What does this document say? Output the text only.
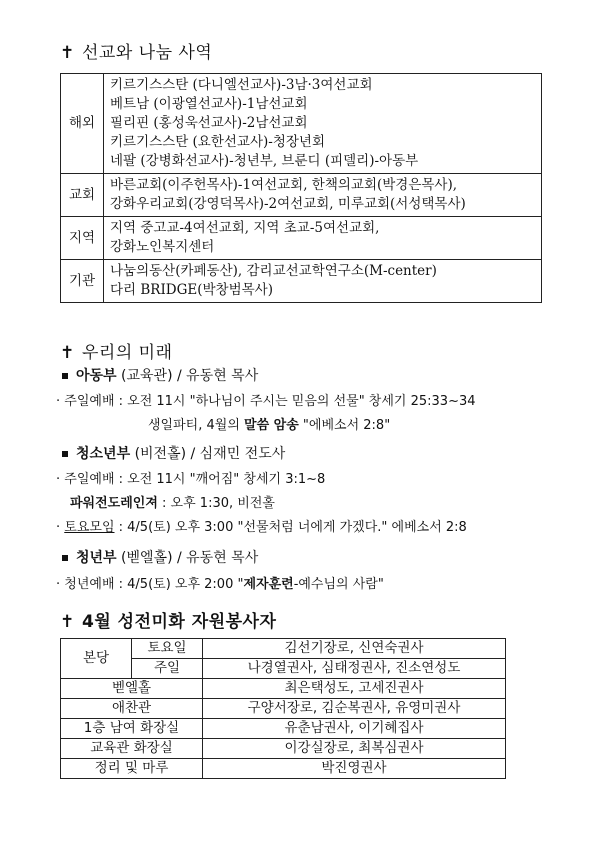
✝ 선교와 나눔 사역
해외	키르기스스탄 (다니엘선교사)-3남·3여선교회
베트남 (이광열선교사)-1남선교회
필리핀 (홍성욱선교사)-2남선교회
키르기스스탄 (요한선교사)-청장년회
네팔 (강병화선교사)-청년부, 브룬디 (피델리)-아동부

교회	바른교회(이주헌목사)-1여선교회, 한책의교회(박경은목사),
강화우리교회(강영덕목사)-2여선교회, 미루교회(서성택목사)

지역	지역 중고교-4여선교회, 지역 초교-5여선교회,
강화노인복지센터

기관	나눔의동산(카페동산), 감리교선교학연구소(M-center)
다리 BRIDGE(박창범목사)
✝ 우리의 미래
아동부 (교육관) / 유동현 목사
· 주일예배 : 오전 11시 "하나님이 주시는 믿음의 선물" 창세기 25:33~34
생일파티, 4월의 말씀 암송 "에베소서 2:8"
청소년부 (비전홀) / 심재민 전도사
· 주일예배 : 오전 11시 "깨어짐" 창세기 3:1~8
파워전도레인져 : 오후 1:30, 비전홀
· 토요모임 : 4/5(토) 오후 3:00 "선물처럼 너에게 가겠다." 에베소서 2:8
청년부 (벧엘홀) / 유동현 목사
· 청년예배 : 4/5(토) 오후 2:00 "제자훈련-예수님의 사람"
✝ 4월 성전미화 자원봉사자
본당	토요일	김선기장로, 신연숙권사
	주일	나경열권사, 심태정권사, 진소연성도
벧엘홀		최은택성도, 고세진권사
애찬관		구양서장로, 김순복권사, 유영미권사
1층 남여 화장실		유춘남권사, 이기혜집사
교육관 화장실		이강실장로, 최복심권사
정리 및 마루		박진영권사
